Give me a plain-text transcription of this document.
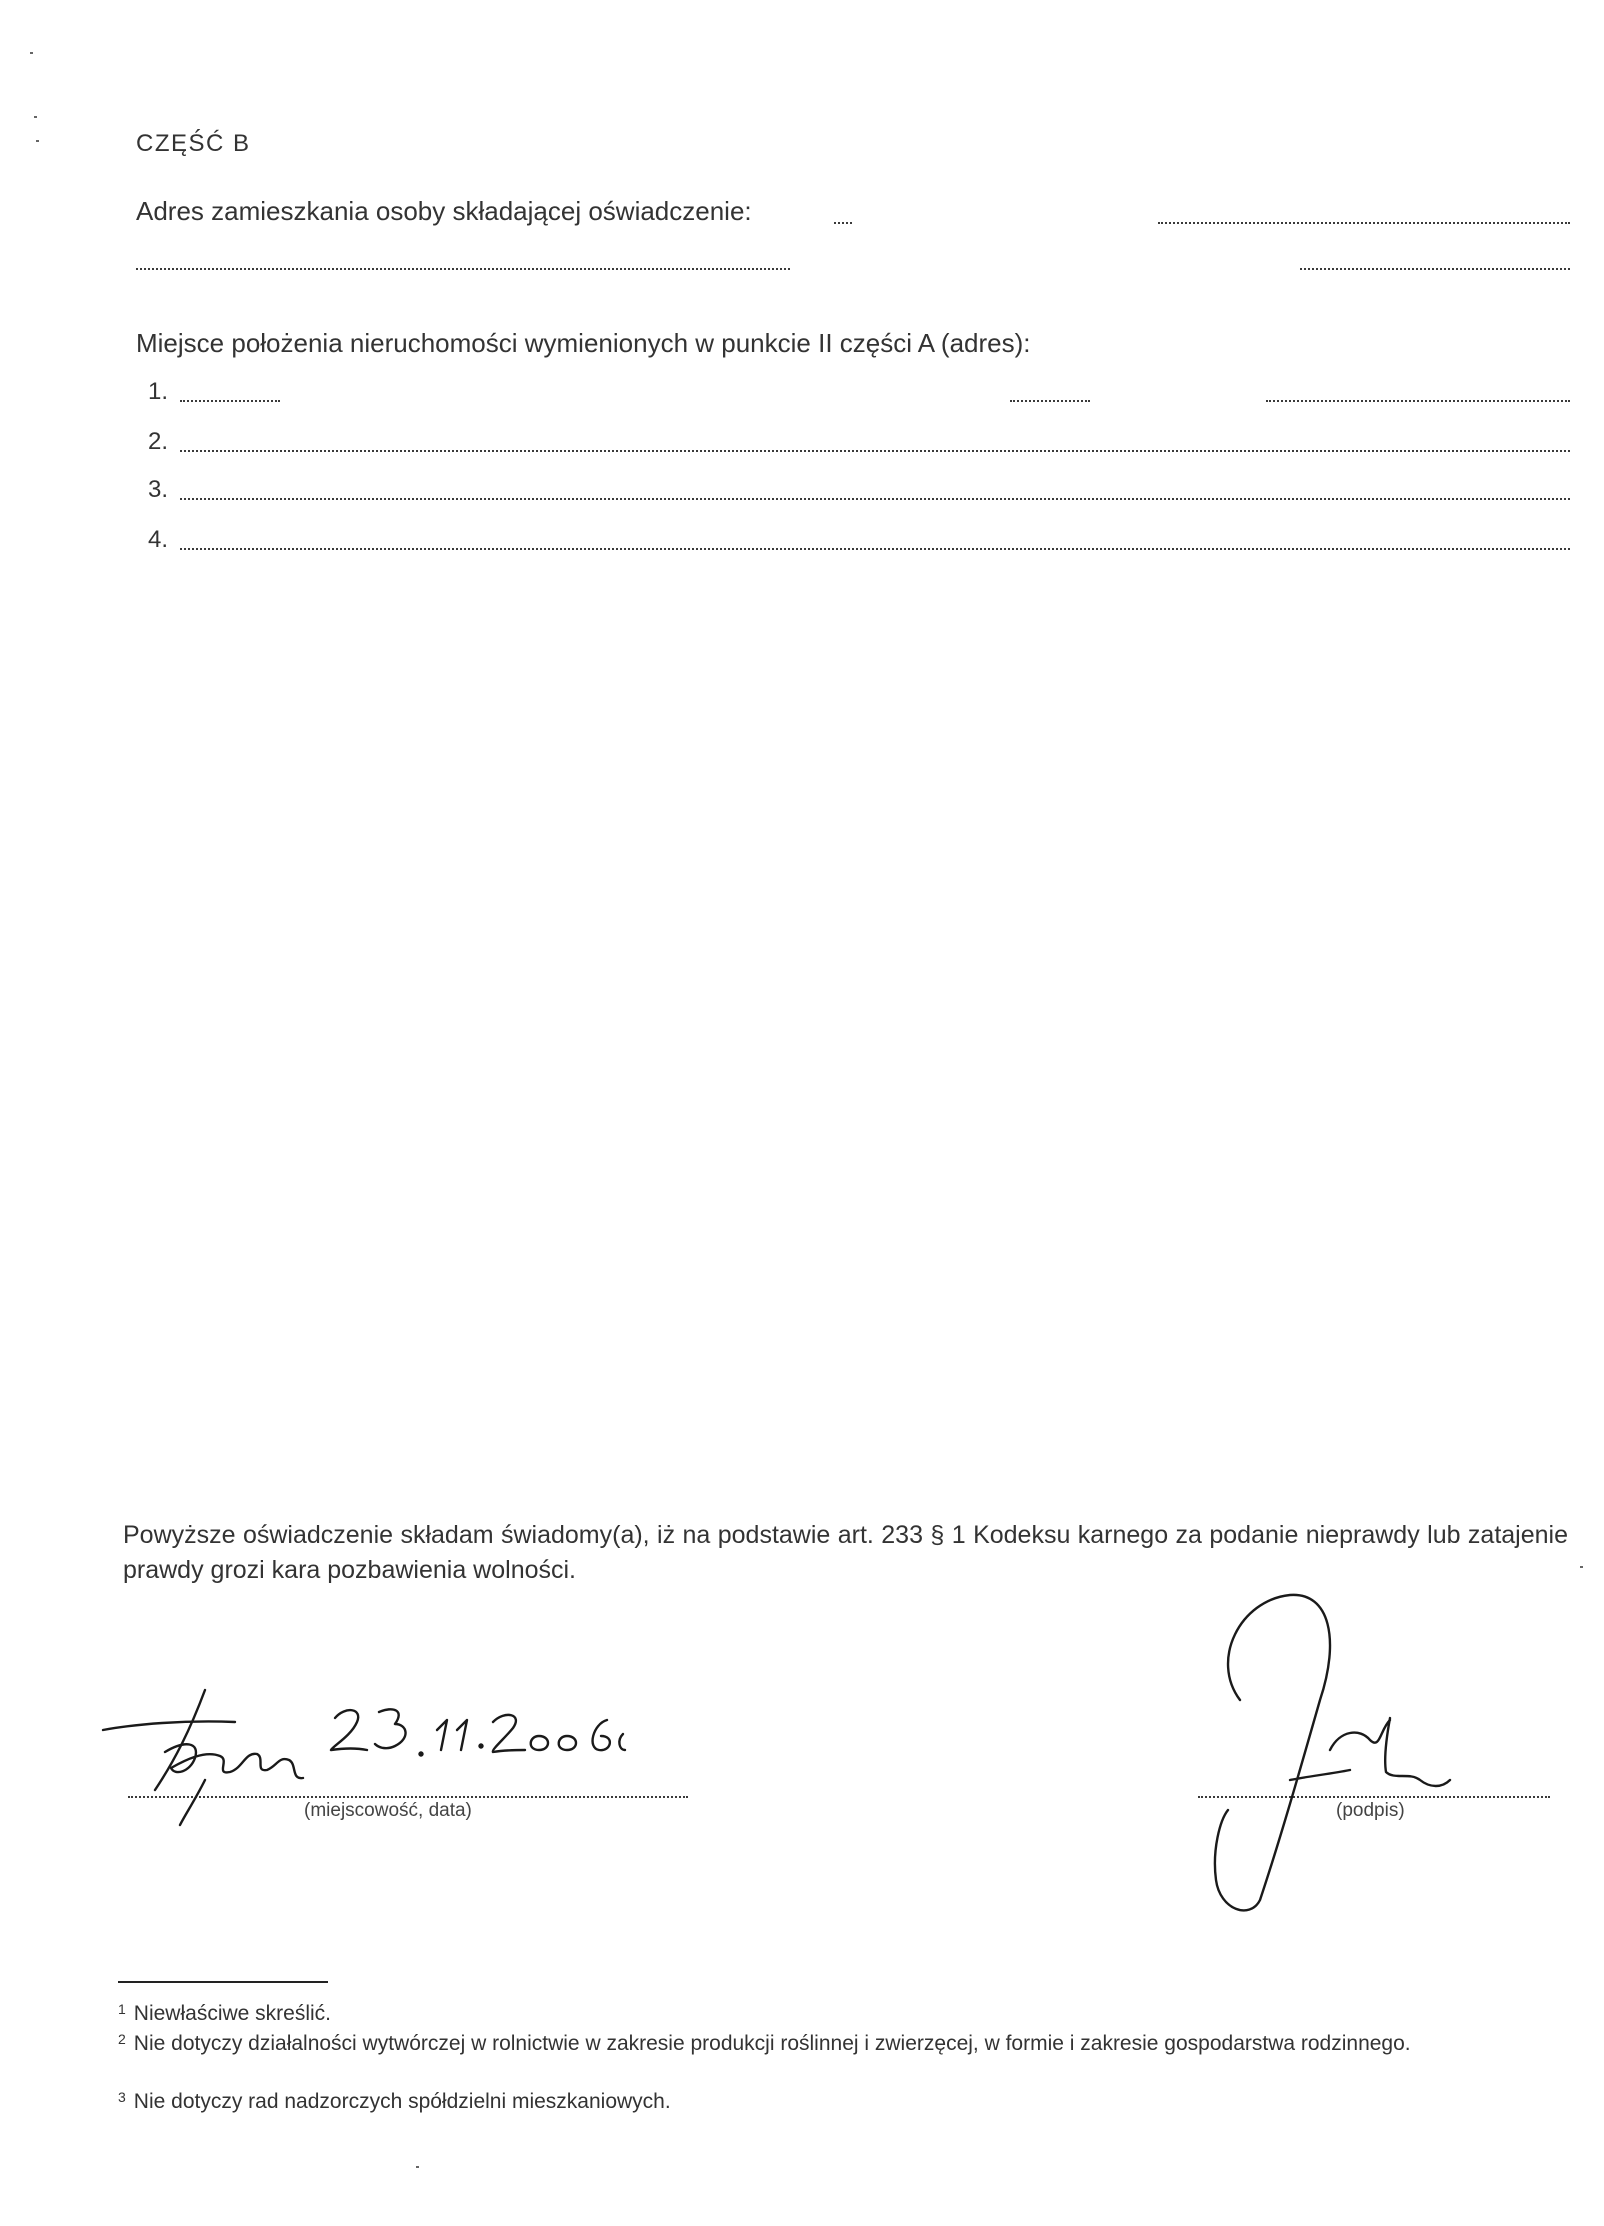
CZĘŚĆ B
Adres zamieszkania osoby składającej oświadczenie:
Miejsce położenia nieruchomości wymienionych w punkcie II części A (adres):
1.
2.
3.
4.
Powyższe oświadczenie składam świadomy(a), iż na podstawie art. 233 § 1 Kodeksu karnego za podanie nieprawdy lub zatajenie prawdy grozi kara pozbawienia wolności.
(miejscowość, data)	(podpis)
$^1$ Niewłaściwe skreślić.
$^2$ Nie dotyczy działalności wytwórczej w rolnictwie w zakresie produkcji roślinnej i zwierzęcej, w formie i zakresie gospodarstwa rodzinnego.
$^3$ Nie dotyczy rad nadzorczych spółdzielni mieszkaniowych.
